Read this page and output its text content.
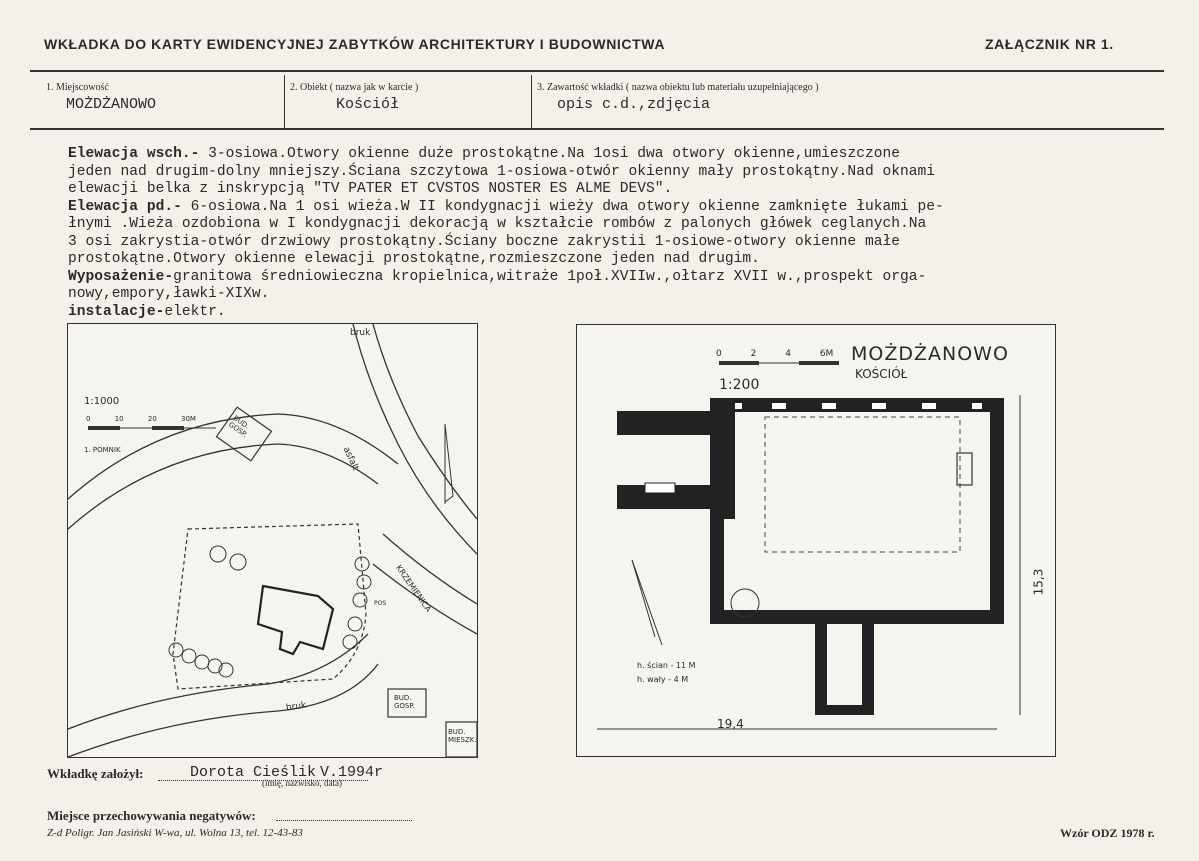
WKŁADKA DO KARTY EWIDENCYJNEJ ZABYTKÓW ARCHITEKTURY I BUDOWNICTWA	ZAŁĄCZNIK NR 1.
1. Miejscowość
MOŻDŻANOWO
2. Obiekt ( nazwa jak w karcie )
Kościół
3. Zawartość wkładki ( nazwa obiektu lub materiału uzupełniającego )
opis c.d.,zdjęcia
Elewacja wsch.- 3-osiowa.Otwory okienne duże prostokątne.Na 1osi dwa otwory okienne,umieszczone
jeden nad drugim-dolny mniejszy.Ściana szczytowa 1-osiowa-otwór okienny mały prostokątny.Nad oknami
elewacji belka z inskrypcją "TV PATER ET CVSTOS NOSTER ES ALME DEVS".
Elewacja pd.- 6-osiowa.Na 1 osi wieża.W II kondygnacji wieży dwa otwory okienne zamknięte łukami pe-
łnymi .Wieża ozdobiona w I kondygnacji dekoracją w kształcie rombów z palonych główek ceglanych.Na
3 osi zakrystia-otwór drzwiowy prostokątny.Ściany boczne zakrystii 1-osiowe-otwory okienne małe
prostokątne.Otwory okienne elewacji prostokątne,rozmieszczone jeden nad drugim.
Wyposażenie-granitowa średniowieczna kropielnica,witraże 1poł.XVIIw.,ołtarz XVII w.,prospekt orga-
nowy,empory,ławki-XIXw.
instalacje-elektr.
1:1000
0	10	20	30M
1. POMNIK
bruk
asfalt
KRZEMIENICA
BUD. GOSP.
BUD. GOSP.
BUD. MIESZK.
bruk
POS
MOŻDŻANOWO
KOŚCIÓŁ
0	2	4	6M
1:200
h. ścian - 11 M
h. wały - 4 M
19,4
15,3
Wkładkę założył:	Dorota Cieślik V.1994r
(imię, nazwisko, data)
Miejsce przechowywania negatywów:
Z-d Poligr. Jan Jasiński W-wa, ul. Wolna 13, tel. 12-43-83	Wzór ODZ 1978 r.
